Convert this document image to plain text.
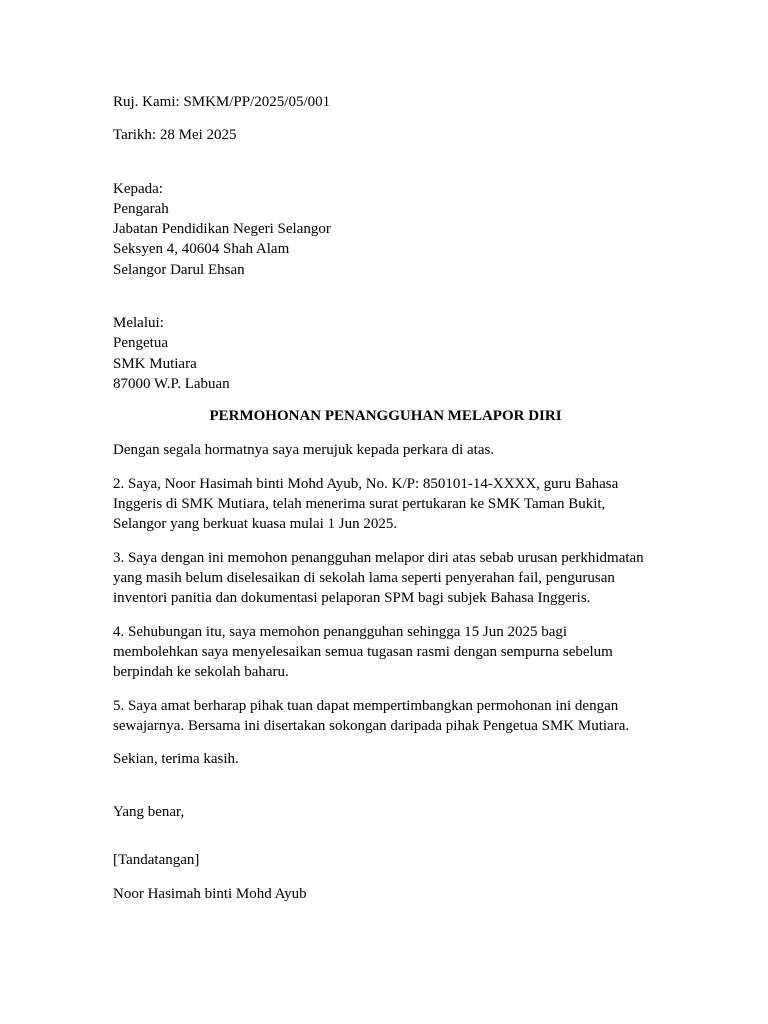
Ruj. Kami: SMKM/PP/2025/05/001

Tarikh: 28 Mei 2025

Kepada:
Pengarah
Jabatan Pendidikan Negeri Selangor
Seksyen 4, 40604 Shah Alam
Selangor Darul Ehsan
Melalui:
Pengetua
SMK Mutiara
87000 W.P. Labuan

PERMOHONAN PENANGGUHAN MELAPOR DIRI

Dengan segala hormatnya saya merujuk kepada perkara di atas.

2. Saya, Noor Hasimah binti Mohd Ayub, No. K/P: 850101-14-XXXX, guru Bahasa
Inggeris di SMK Mutiara, telah menerima surat pertukaran ke SMK Taman Bukit,
Selangor yang berkuat kuasa mulai 1 Jun 2025.
3. Saya dengan ini memohon penangguhan melapor diri atas sebab urusan perkhidmatan
yang masih belum diselesaikan di sekolah lama seperti penyerahan fail, pengurusan
inventori panitia dan dokumentasi pelaporan SPM bagi subjek Bahasa Inggeris.
4. Sehubungan itu, saya memohon penangguhan sehingga 15 Jun 2025 bagi
membolehkan saya menyelesaikan semua tugasan rasmi dengan sempurna sebelum
berpindah ke sekolah baharu.
5. Saya amat berharap pihak tuan dapat mempertimbangkan permohonan ini dengan
sewajarnya. Bersama ini disertakan sokongan daripada pihak Pengetua SMK Mutiara.

Sekian, terima kasih.

Yang benar,

[Tandatangan]

Noor Hasimah binti Mohd Ayub
